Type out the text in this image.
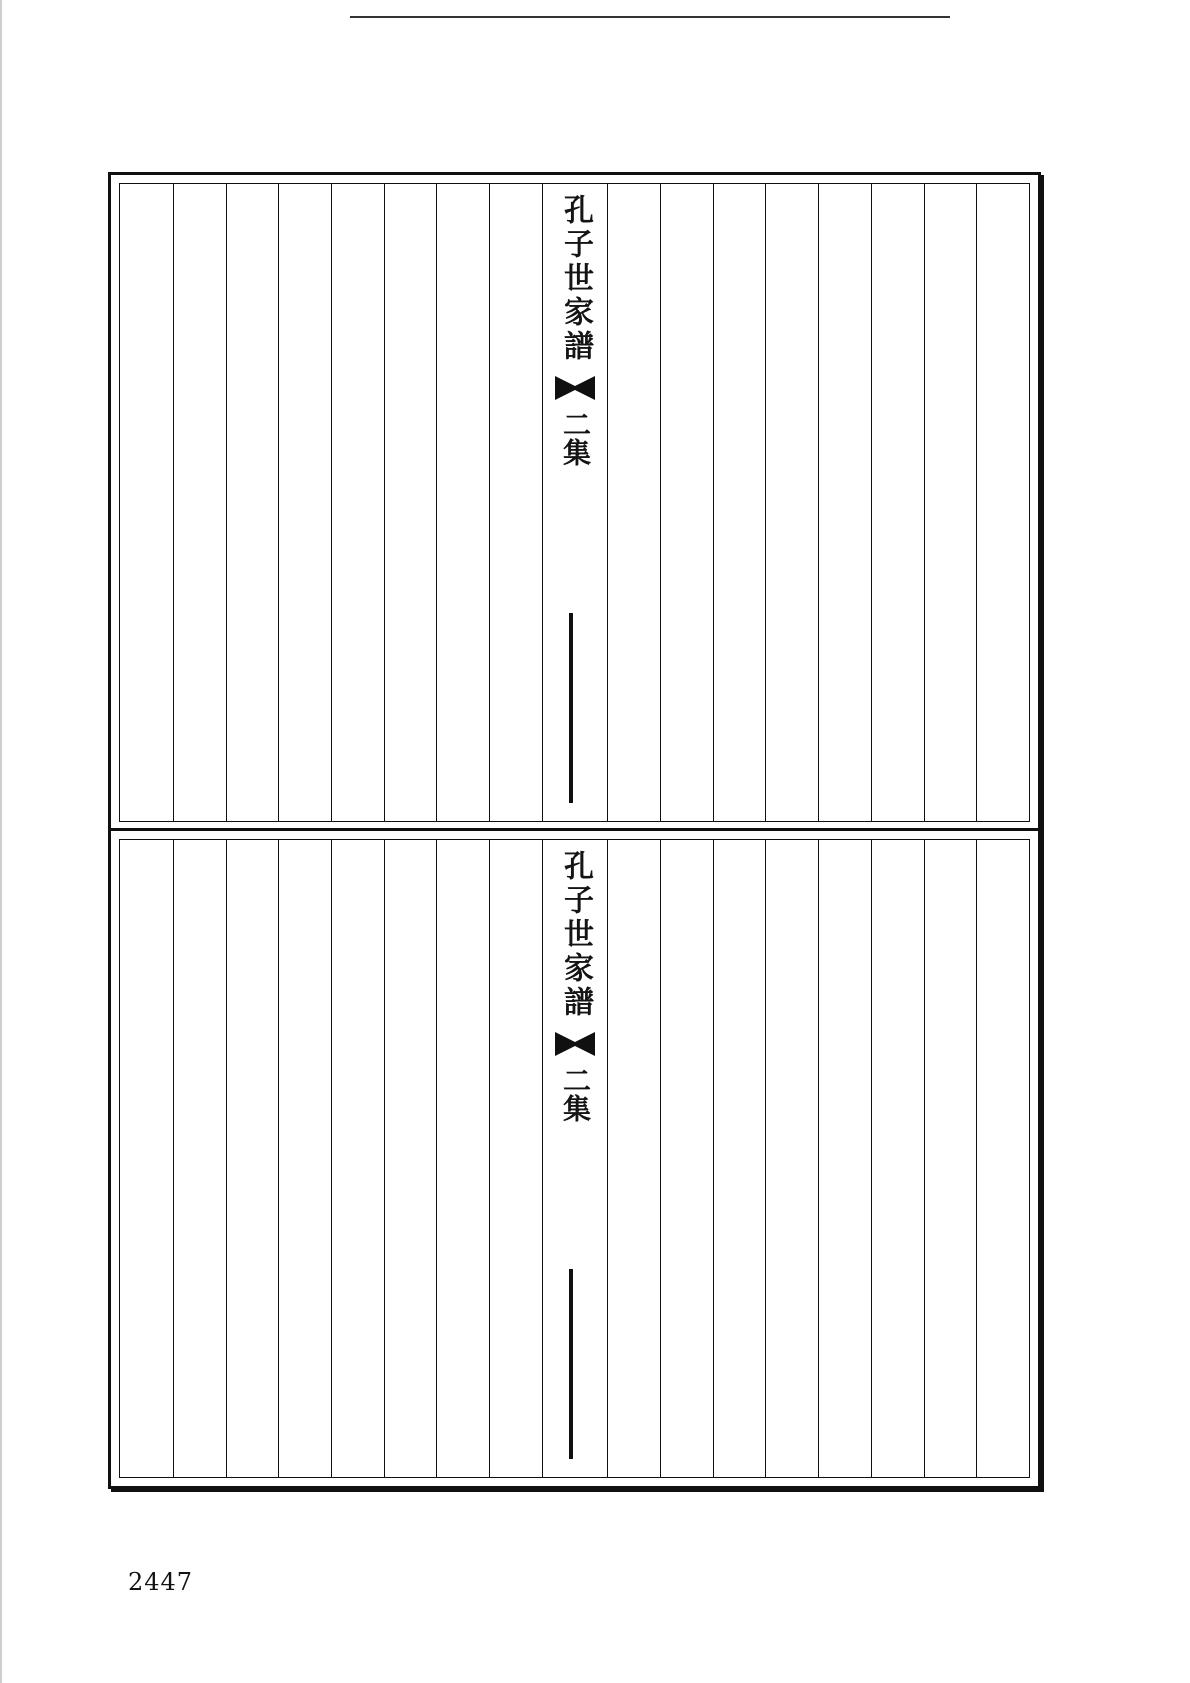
孔子世家譜
二集
孔子世家譜
二集
2447
